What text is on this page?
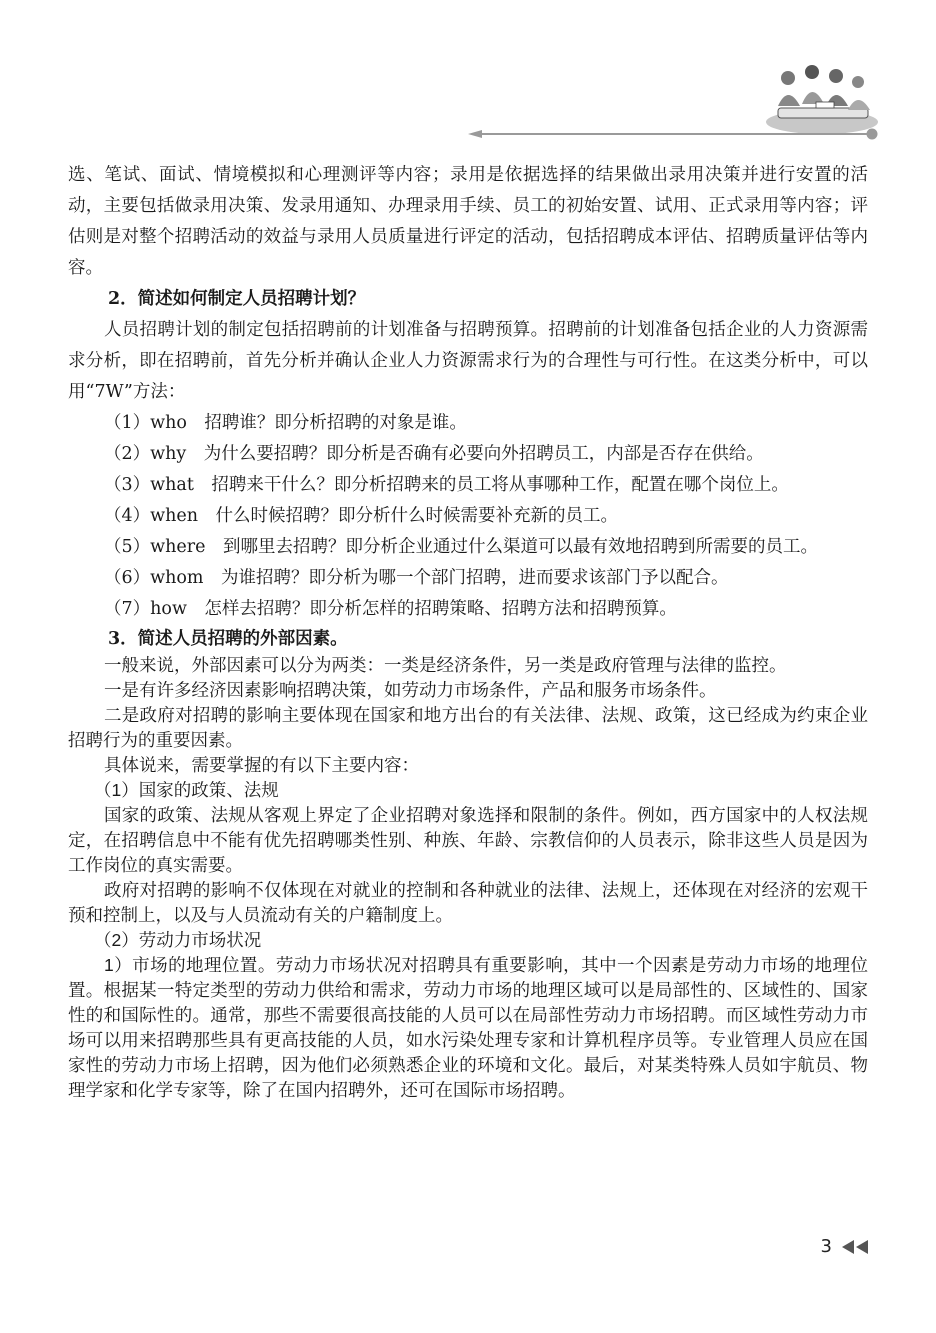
选、笔试、面试、情境模拟和心理测评等内容；录用是依据选择的结果做出录用决策并进行安置的活动，主要包括做录用决策、发录用通知、办理录用手续、员工的初始安置、试用、正式录用等内容；评估则是对整个招聘活动的效益与录用人员质量进行评定的活动，包括招聘成本评估、招聘质量评估等内容。

2．简述如何制定人员招聘计划？

人员招聘计划的制定包括招聘前的计划准备与招聘预算。招聘前的计划准备包括企业的人力资源需求分析，即在招聘前，首先分析并确认企业人力资源需求行为的合理性与可行性。在这类分析中，可以用“7W”方法：

（1）who　招聘谁？即分析招聘的对象是谁。

（2）why　为什么要招聘？即分析是否确有必要向外招聘员工，内部是否存在供给。

（3）what　招聘来干什么？即分析招聘来的员工将从事哪种工作，配置在哪个岗位上。

（4）when　什么时候招聘？即分析什么时候需要补充新的员工。

（5）where　到哪里去招聘？即分析企业通过什么渠道可以最有效地招聘到所需要的员工。

（6）whom　为谁招聘？即分析为哪一个部门招聘，进而要求该部门予以配合。

（7）how　怎样去招聘？即分析怎样的招聘策略、招聘方法和招聘预算。

3．简述人员招聘的外部因素。

一般来说，外部因素可以分为两类：一类是经济条件，另一类是政府管理与法律的监控。

一是有许多经济因素影响招聘决策，如劳动力市场条件，产品和服务市场条件。

二是政府对招聘的影响主要体现在国家和地方出台的有关法律、法规、政策，这已经成为约束企业招聘行为的重要因素。

具体说来，需要掌握的有以下主要内容：

（1）国家的政策、法规

国家的政策、法规从客观上界定了企业招聘对象选择和限制的条件。例如，西方国家中的人权法规定，在招聘信息中不能有优先招聘哪类性别、种族、年龄、宗教信仰的人员表示，除非这些人员是因为工作岗位的真实需要。

政府对招聘的影响不仅体现在对就业的控制和各种就业的法律、法规上，还体现在对经济的宏观干预和控制上，以及与人员流动有关的户籍制度上。

（2）劳动力市场状况

1）市场的地理位置。劳动力市场状况对招聘具有重要影响，其中一个因素是劳动力市场的地理位置。根据某一特定类型的劳动力供给和需求，劳动力市场的地理区域可以是局部性的、区域性的、国家性的和国际性的。通常，那些不需要很高技能的人员可以在局部性劳动力市场招聘。而区域性劳动力市场可以用来招聘那些具有更高技能的人员，如水污染处理专家和计算机程序员等。专业管理人员应在国家性的劳动力市场上招聘，因为他们必须熟悉企业的环境和文化。最后，对某类特殊人员如宇航员、物理学家和化学专家等，除了在国内招聘外，还可在国际市场招聘。

3
